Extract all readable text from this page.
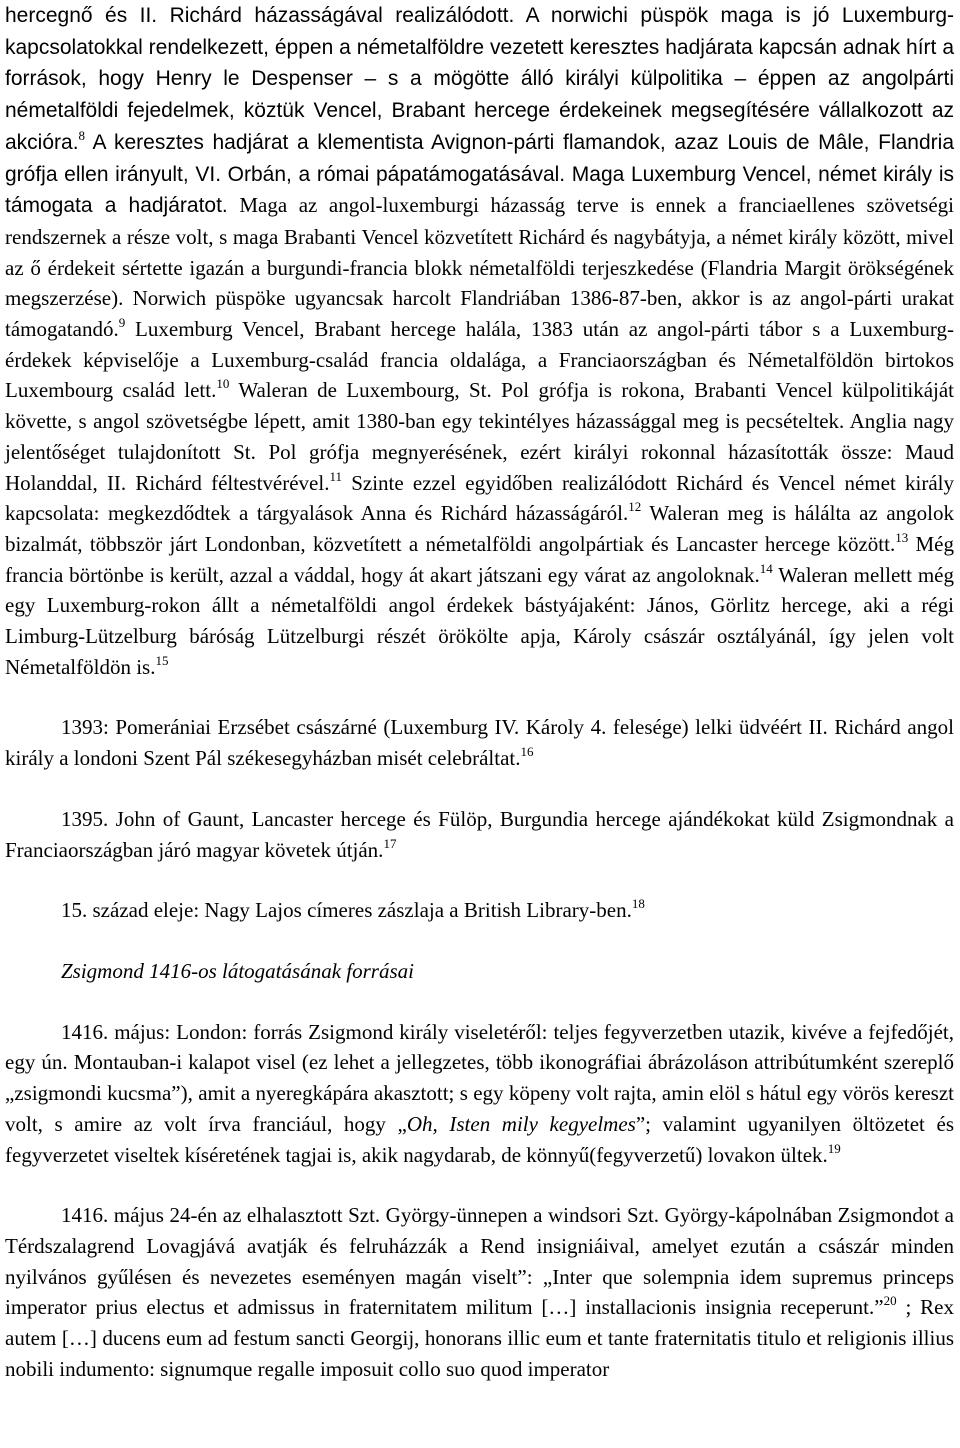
hercegnő és II. Richárd házasságával realizálódott. A norwichi püspök maga is jó Luxemburg-kapcsolatokkal rendelkezett, éppen a németalföldre vezetett keresztes hadjárata kapcsán adnak hírt a források, hogy Henry le Despenser – s a mögötte álló királyi külpolitika – éppen az angolpárti németalföldi fejedelmek, köztük Vencel, Brabant hercege érdekeinek megsegítésére vállalkozott az akcióra.$^8$ A keresztes hadjárat a klementista Avignon-párti flamandok, azaz Louis de Mâle, Flandria grófja ellen irányult, VI. Orbán, a római pápatámogatásával. Maga Luxemburg Vencel, német király is támogata a hadjáratot. Maga az angol-luxemburgi házasság terve is ennek a franciaellenes szövetségi rendszernek a része volt, s maga Brabanti Vencel közvetített Richárd és nagybátyja, a német király között, mivel az ő érdekeit sértette igazán a burgundi-francia blokk németalföldi terjeszkedése (Flandria Margit örökségének megszerzése). Norwich püspöke ugyancsak harcolt Flandriában 1386-87-ben, akkor is az angol-párti urakat támogatandó.$^9$ Luxemburg Vencel, Brabant hercege halála, 1383 után az angol-párti tábor s a Luxemburg-érdekek képviselője a Luxemburg-család francia oldalága, a Franciaországban és Németalföldön birtokos Luxembourg család lett.$^{10}$ Waleran de Luxembourg, St. Pol grófja is rokona, Brabanti Vencel külpolitikáját követte, s angol szövetségbe lépett, amit 1380-ban egy tekintélyes házassággal meg is pecsételtek. Anglia nagy jelentőséget tulajdonított St. Pol grófja megnyerésének, ezért királyi rokonnal házasították össze: Maud Holanddal, II. Richárd féltestvérével.$^{11}$ Szinte ezzel egyidőben realizálódott Richárd és Vencel német király kapcsolata: megkezdődtek a tárgyalások Anna és Richárd házasságáról.$^{12}$ Waleran meg is hálálta az angolok bizalmát, többször járt Londonban, közvetített a németalföldi angolpártiak és Lancaster hercege között.$^{13}$ Még francia börtönbe is került, azzal a váddal, hogy át akart játszani egy várat az angoloknak.$^{14}$ Waleran mellett még egy Luxemburg-rokon állt a németalföldi angol érdekek bástyájaként: János, Görlitz hercege, aki a régi Limburg-Lützelburg báróság Lützelburgi részét örökölte apja, Károly császár osztályánál, így jelen volt Németalföldön is.$^{15}$

1393: Pomerániai Erzsébet császárné (Luxemburg IV. Károly 4. felesége) lelki üdvéért II. Richárd angol király a londoni Szent Pál székesegyházban misét celebráltat.$^{16}$

1395. John of Gaunt, Lancaster hercege és Fülöp, Burgundia hercege ajándékokat küld Zsigmondnak a Franciaországban járó magyar követek útján.$^{17}$

15. század eleje: Nagy Lajos címeres zászlaja a British Library-ben.$^{18}$

Zsigmond 1416-os látogatásának forrásai

1416. május: London: forrás Zsigmond király viseletéről: teljes fegyverzetben utazik, kivéve a fejfedőjét, egy ún. Montauban-i kalapot visel (ez lehet a jellegzetes, több ikonográfiai ábrázoláson attribútumként szereplő „zsigmondi kucsma”), amit a nyeregkápára akasztott; s egy köpeny volt rajta, amin elöl s hátul egy vörös kereszt volt, s amire az volt írva franciául, hogy „Oh, Isten mily kegyelmes”; valamint ugyanilyen öltözetet és fegyverzetet viseltek kíséretének tagjai is, akik nagydarab, de könnyű(fegyverzetű) lovakon ültek.$^{19}$

1416. május 24-én az elhalasztott Szt. György-ünnepen a windsori Szt. György-kápolnában Zsigmondot a Térdszalagrend Lovagjává avatják és felruházzák a Rend insigniáival, amelyet ezután a császár minden nyilvános gyűlésen és nevezetes eseményen magán viselt”: „Inter que solempnia idem supremus princeps imperator prius electus et admissus in fraternitatem militum […] installacionis insignia receperunt.”$^{20}$ ; Rex autem […] ducens eum ad festum sancti Georgij, honorans illic eum et tante fraternitatis titulo et religionis illius nobili indumento: signumque regalle imposuit collo suo quod imperator
